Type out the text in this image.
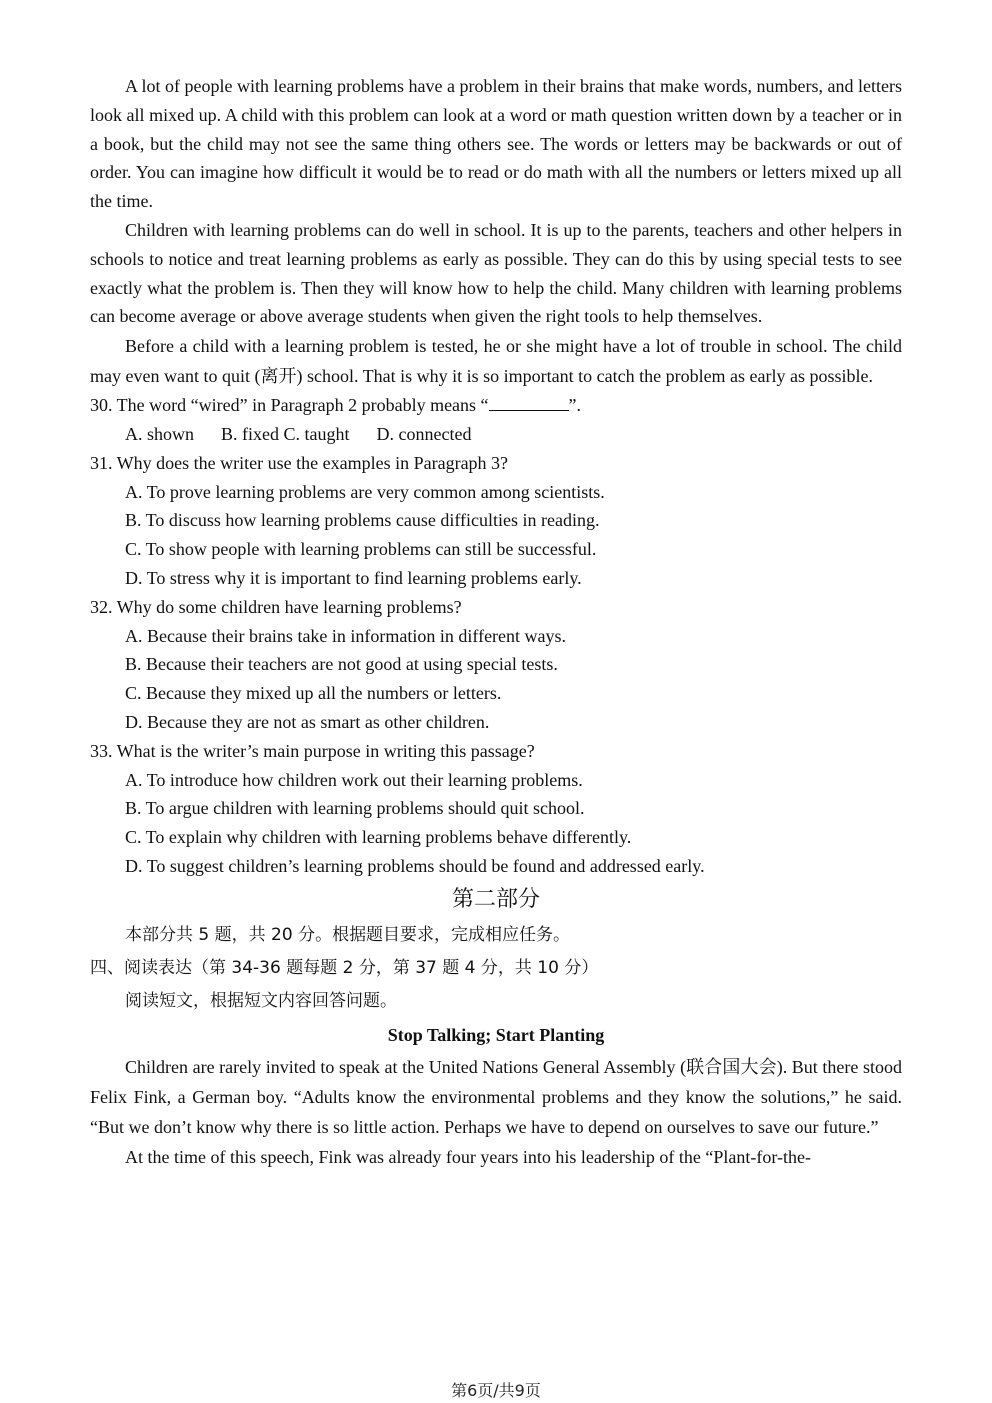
A lot of people with learning problems have a problem in their brains that make words, numbers, and letters look all mixed up. A child with this problem can look at a word or math question written down by a teacher or in a book, but the child may not see the same thing others see. The words or letters may be backwards or out of order. You can imagine how difficult it would be to read or do math with all the numbers or letters mixed up all the time.

Children with learning problems can do well in school. It is up to the parents, teachers and other helpers in schools to notice and treat learning problems as early as possible. They can do this by using special tests to see exactly what the problem is. Then they will know how to help the child. Many children with learning problems can become average or above average students when given the right tools to help themselves.

Before a child with a learning problem is tested, he or she might have a lot of trouble in school. The child may even want to quit (离开) school. That is why it is so important to catch the problem as early as possible.

30. The word “wired” in Paragraph 2 probably means “	”.

A. shown      B. fixed C. taught      D. connected

31. Why does the writer use the examples in Paragraph 3?

A. To prove learning problems are very common among scientists.

B. To discuss how learning problems cause difficulties in reading.

C. To show people with learning problems can still be successful.

D. To stress why it is important to find learning problems early.

32. Why do some children have learning problems?

A. Because their brains take in information in different ways.

B. Because their teachers are not good at using special tests.

C. Because they mixed up all the numbers or letters.

D. Because they are not as smart as other children.

33. What is the writer’s main purpose in writing this passage?

A. To introduce how children work out their learning problems.

B. To argue children with learning problems should quit school.

C. To explain why children with learning problems behave differently.

D. To suggest children’s learning problems should be found and addressed early.

第二部分

本部分共 5 题，共 20 分。根据题目要求，完成相应任务。

四、阅读表达（第 34-36 题每题 2 分，第 37 题 4 分，共 10 分）

阅读短文，根据短文内容回答问题。

Stop Talking; Start Planting

Children are rarely invited to speak at the United Nations General Assembly (联合国大会). But there stood Felix Fink, a German boy. “Adults know the environmental problems and they know the solutions,” he said. “But we don’t know why there is so little action. Perhaps we have to depend on ourselves to save our future.”

At the time of this speech, Fink was already four years into his leadership of the “Plant-for-the-

第6页/共9页
